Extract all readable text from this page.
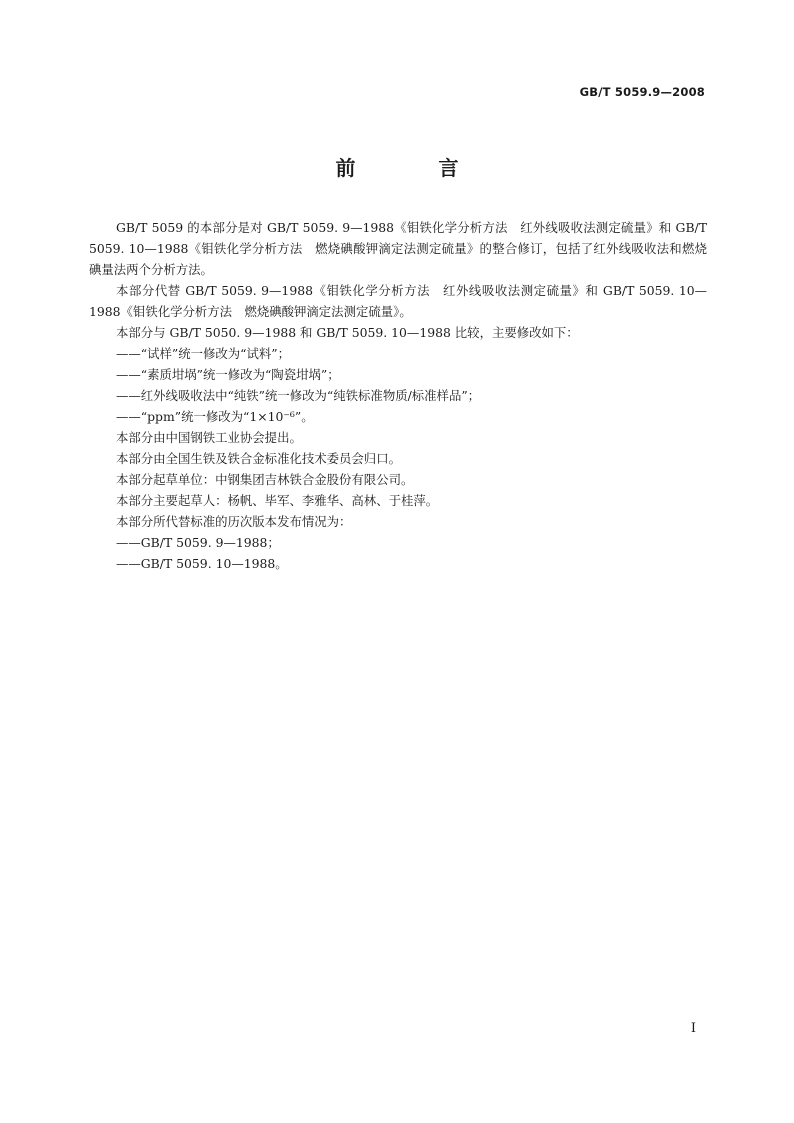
GB/T 5059.9—2008
前 言

GB/T 5059 的本部分是对 GB/T 5059. 9—1988《钼铁化学分析方法　红外线吸收法测定硫量》和 GB/T 5059. 10—1988《钼铁化学分析方法　燃烧碘酸钾滴定法测定硫量》的整合修订，包括了红外线吸收法和燃烧碘量法两个分析方法。

本部分代替 GB/T 5059. 9—1988《钼铁化学分析方法　红外线吸收法测定硫量》和 GB/T 5059. 10—1988《钼铁化学分析方法　燃烧碘酸钾滴定法测定硫量》。

本部分与 GB/T 5050. 9—1988 和 GB/T 5059. 10—1988 比较，主要修改如下：

——“试样”统一修改为“试料”；

——“素质坩埚”统一修改为“陶瓷坩埚”；

——红外线吸收法中“纯铁”统一修改为“纯铁标准物质/标准样品”；

——“ppm”统一修改为“1×10⁻⁶”。

本部分由中国钢铁工业协会提出。

本部分由全国生铁及铁合金标准化技术委员会归口。

本部分起草单位：中钢集团吉林铁合金股份有限公司。

本部分主要起草人：杨帆、毕军、李雅华、高林、于桂萍。

本部分所代替标准的历次版本发布情况为：

——GB/T 5059. 9—1988；

——GB/T 5059. 10—1988。

I
